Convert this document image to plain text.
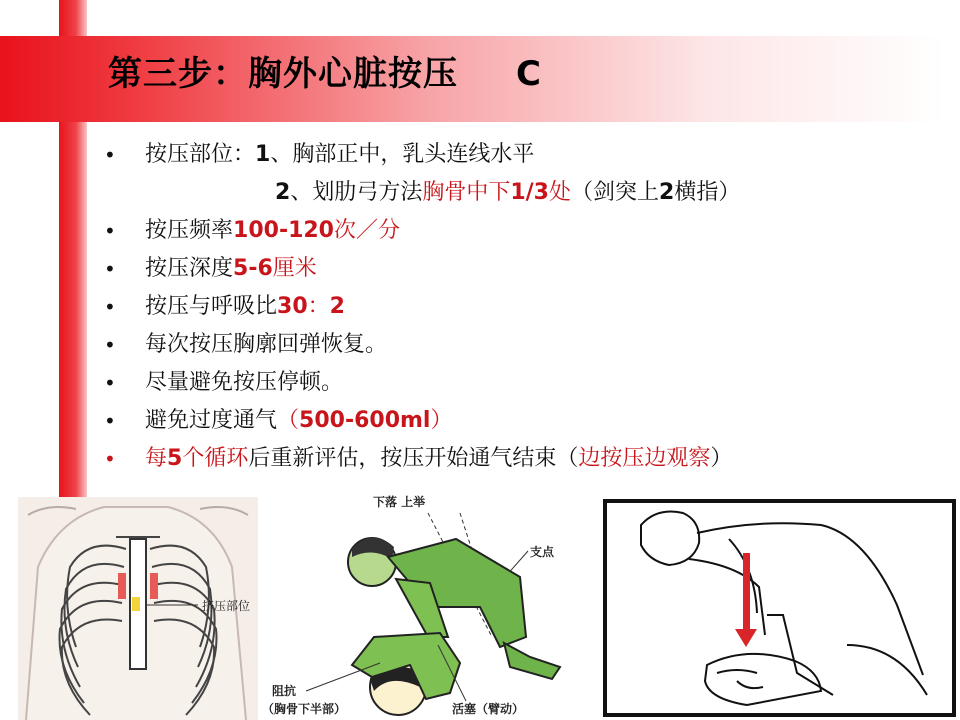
第三步：胸外心脏按压 C
• 按压部位：1、胸部正中，乳头连线水平
2、划肋弓方法胸骨中下1/3处（剑突上2横指）
• 按压频率100-120次／分
• 按压深度5-6厘米
• 按压与呼吸比30：2
• 每次按压胸廓回弹恢复。
• 尽量避免按压停顿。
• 避免过度通气（500-600ml）
• 每5个循环后重新评估，按压开始通气结束（边按压边观察）
挤压部位
下落 上举
支点
阻抗
（胸骨下半部）	活塞（臂动）
